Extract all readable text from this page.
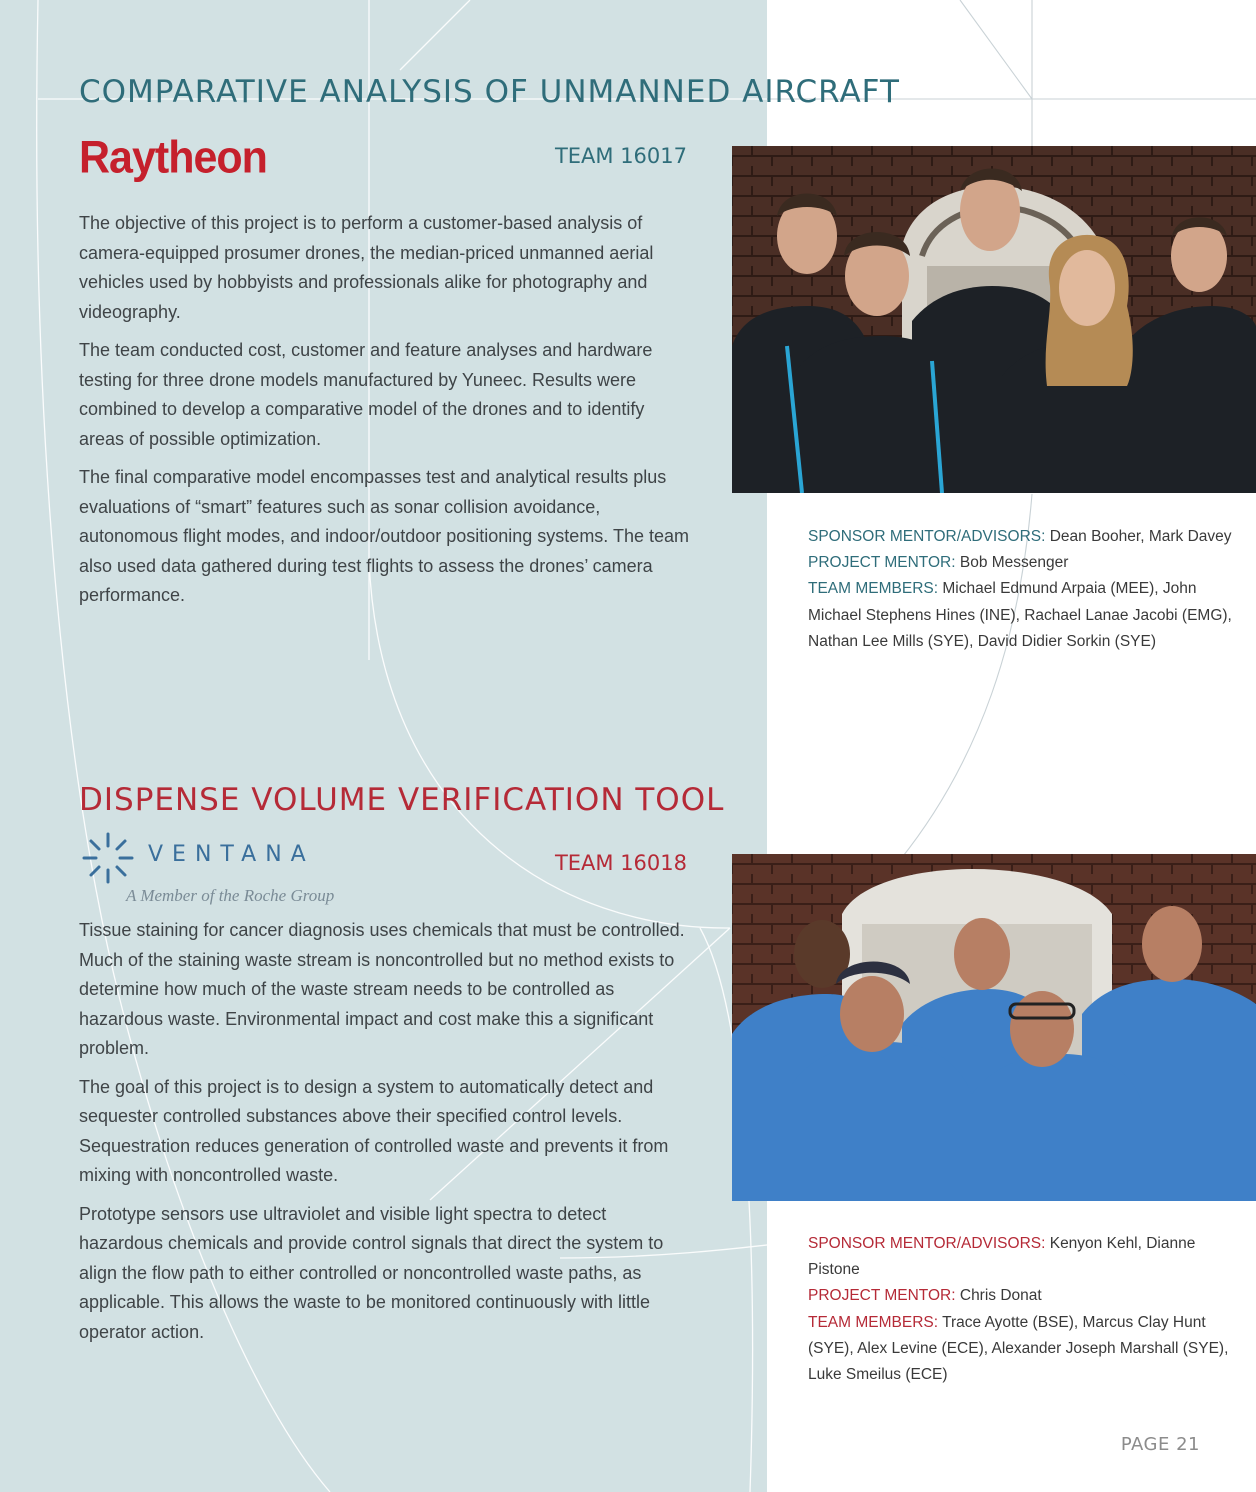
COMPARATIVE ANALYSIS OF UNMANNED AIRCRAFT
Raytheon	TEAM 16017

The objective of this project is to perform a customer-based analysis of camera-equipped prosumer drones, the median-priced unmanned aerial vehicles used by hobbyists and professionals alike for photography and videography.

The team conducted cost, customer and feature analyses and hardware testing for three drone models manufactured by Yuneec. Results were combined to develop a comparative model of the drones and to identify areas of possible optimization.

The final comparative model encompasses test and analytical results plus evaluations of “smart” features such as sonar collision avoidance, autonomous flight modes, and indoor/outdoor positioning systems. The team also used data gathered during test flights to assess the drones’ camera performance.

SPONSOR MENTOR/ADVISORS: Dean Booher, Mark Davey
PROJECT MENTOR: Bob Messenger
TEAM MEMBERS: Michael Edmund Arpaia (MEE), John Michael Stephens Hines (INE), Rachael Lanae Jacobi (EMG), Nathan Lee Mills (SYE), David Didier Sorkin (SYE)
DISPENSE VOLUME VERIFICATION TOOL
VENTANA
A Member of the Roche Group
TEAM 16018

Tissue staining for cancer diagnosis uses chemicals that must be controlled. Much of the staining waste stream is noncontrolled but no method exists to determine how much of the waste stream needs to be controlled as hazardous waste. Environmental impact and cost make this a significant problem.

The goal of this project is to design a system to automatically detect and sequester controlled substances above their specified control levels. Sequestration reduces generation of controlled waste and prevents it from mixing with noncontrolled waste.

Prototype sensors use ultraviolet and visible light spectra to detect hazardous chemicals and provide control signals that direct the system to align the flow path to either controlled or noncontrolled waste paths, as applicable. This allows the waste to be monitored continuously with little operator action.

SPONSOR MENTOR/ADVISORS: Kenyon Kehl, Dianne Pistone
PROJECT MENTOR: Chris Donat
TEAM MEMBERS: Trace Ayotte (BSE), Marcus Clay Hunt (SYE), Alex Levine (ECE), Alexander Joseph Marshall (SYE), Luke Smeilus (ECE)
PAGE 21
